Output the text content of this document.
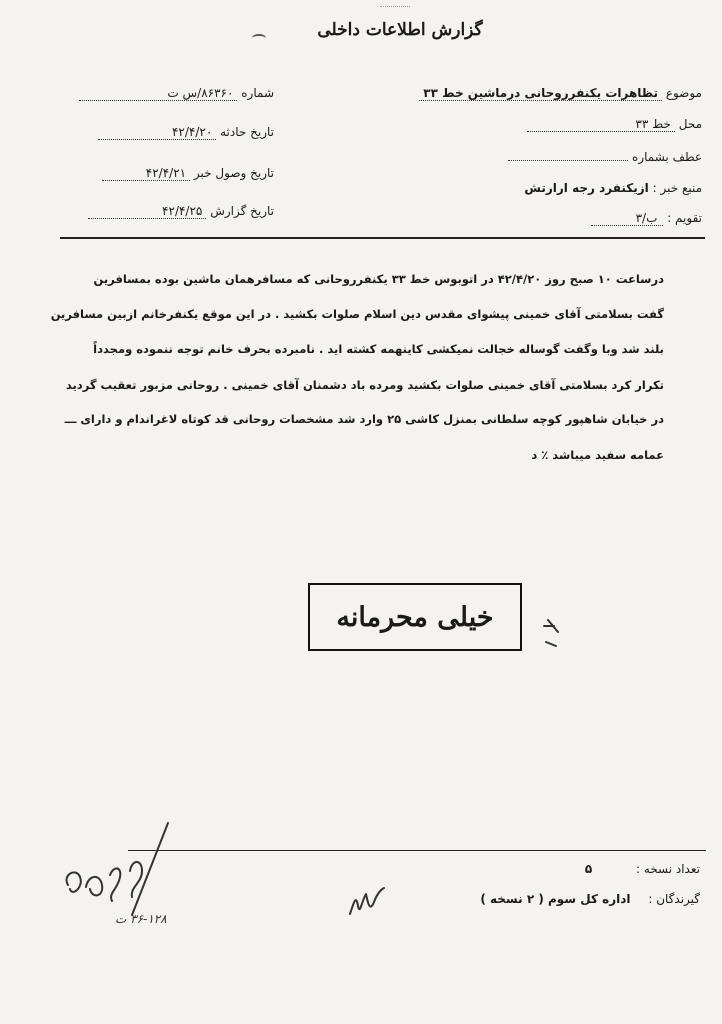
گزارش اطلاعات داخلی
موضوع تظاهرات یکنفرروحانی درماشین خط ۳۳
محل خط ۳۳
عطف بشماره
منبع خبر : ازیکنفرد رجه ارارتش
تقویم : ب/۳
شماره ۸۶۳۶۰/س ت
تاریخ حادثه ۴۲/۴/۲۰
تاریخ وصول خبر ۴۲/۴/۲۱
تاریخ گزارش ۴۲/۴/۲۵
درساعت ۱۰ صبح روز ۴۲/۴/۲۰ در اتوبوس خط ۳۳ یکنفرروحانی که مسافرهمان ماشین بوده بمسافرین
گفت بسلامتی آقای خمینی پیشوای مقدس دین اسلام صلوات بکشید . در این موقع یکنفرخانم ازبین مسافرین
بلند شد وبا وگفت گوساله خجالت نمیکشی کاینهمه کشته اید . نامبرده بحرف خانم توجه ننموده ومجدداً
تکرار کرد بسلامتی آقای خمینی صلوات بکشید ومرده باد دشمنان آقای خمینی . روحانی مزبور تعقیب گردید
در خیابان شاهپور کوچه سلطانی بمنزل کاشی ۲۵ وارد شد مشخصات روحانی قد کوتاه لاغراندام و دارای ـــ
عمامه سفید میباشد ٪ د
خیلی محرمانه
تعداد نسخه : ۵
گیرندگان : اداره کل سوم ( ۲ نسخه )
۳۶-۱۲۸ ت
